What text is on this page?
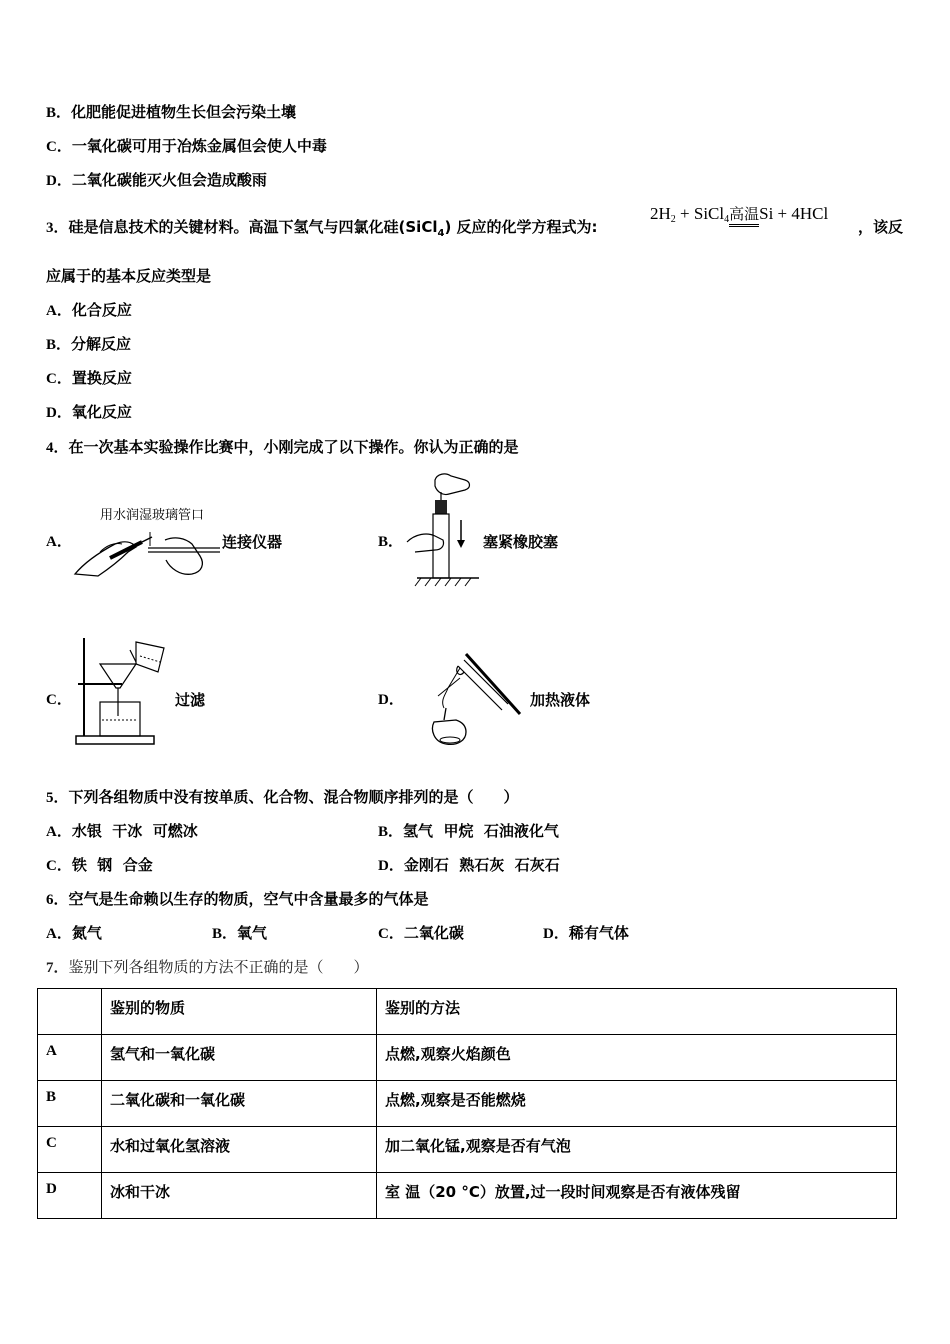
B．化肥能促进植物生长但会污染土壤
C．一氧化碳可用于冶炼金属但会使人中毒
D．二氧化碳能灭火但会造成酸雨
3．硅是信息技术的关键材料。高温下氢气与四氯化硅(SiCl$_4$) 反应的化学方程式为:
$2H_2$ + SiCl$_4$高温Si + 4HCl
，该反
应属于的基本反应类型是
A．化合反应
B．分解反应
C．置换反应
D．氧化反应
4．在一次基本实验操作比赛中，小刚完成了以下操作。你认为正确的是
A．
用水润湿玻璃管口
连接仪器	B．	塞紧橡胶塞
C．	过滤	D．	加热液体
5．下列各组物质中没有按单质、化合物、混合物顺序排列的是（　　）
A．水银  干冰  可燃冰	B．氢气  甲烷  石油液化气
C．铁  钢  合金	D．金刚石  熟石灰  石灰石
6．空气是生命赖以生存的物质，空气中含量最多的气体是
A．氮气	B．氧气	C．二氧化碳	D．稀有气体
7．鉴别下列各组物质的方法不正确的是（　　）
	鉴别的物质	鉴别的方法
A	氢气和一氧化碳	点燃,观察火焰颜色
B	二氧化碳和一氧化碳	点燃,观察是否能燃烧
C	水和过氧化氢溶液	加二氧化锰,观察是否有气泡
D	冰和干冰	室 温（20 °C）放置,过一段时间观察是否有液体残留
